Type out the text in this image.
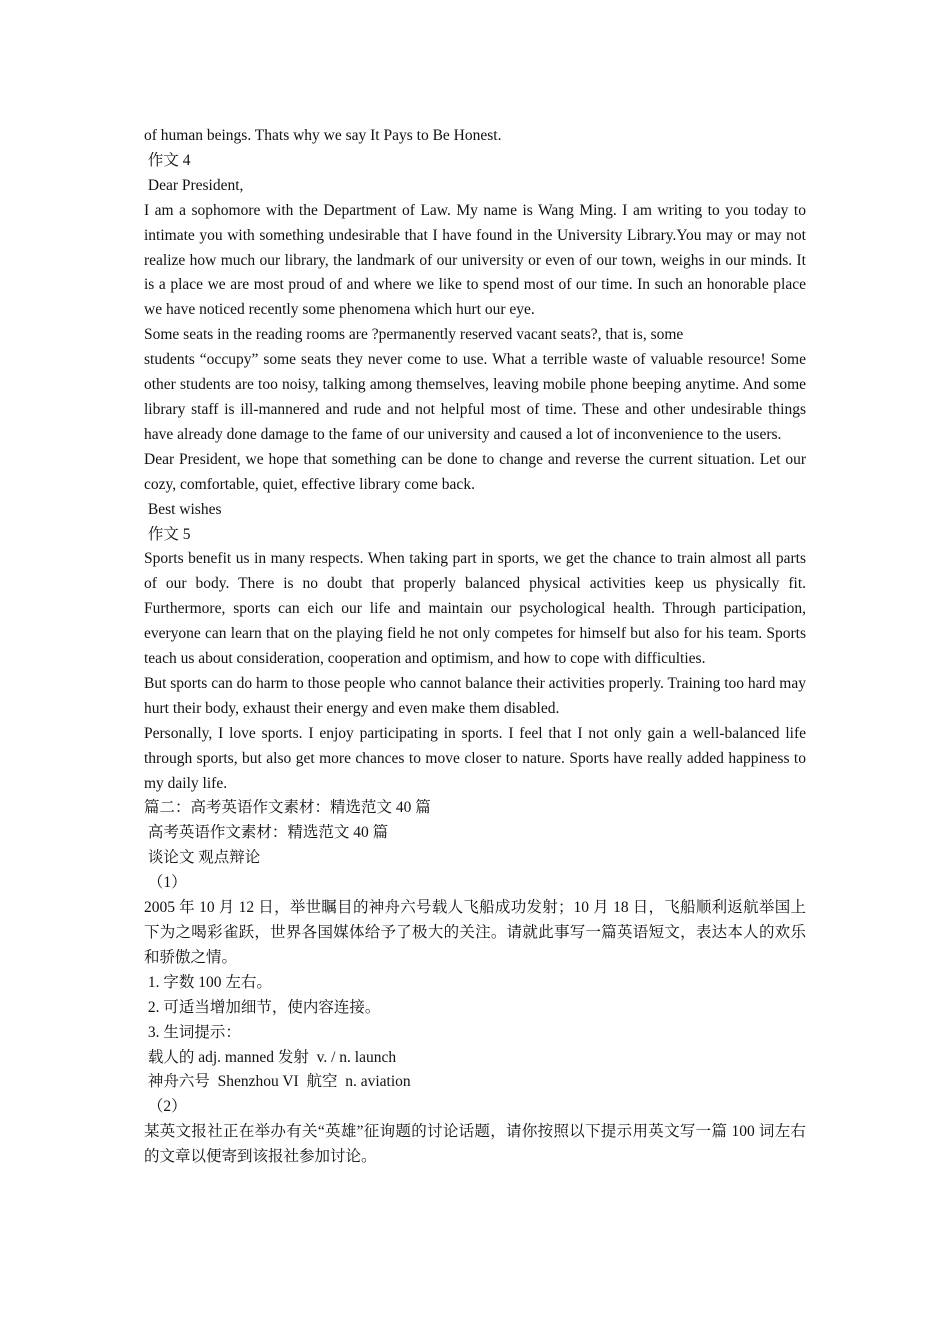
of human beings. Thats why we say It Pays to Be Honest.
作文 4
Dear President,
I am a sophomore with the Department of Law. My name is Wang Ming. I am writing to you today to intimate you with something undesirable that I have found in the University Library.You may or may not realize how much our library, the landmark of our university or even of our town, weighs in our minds. It is a place we are most proud of and where we like to spend most of our time. In such an honorable place we have noticed recently some phenomena which hurt our eye.
Some seats in the reading rooms are ?permanently reserved vacant seats?, that is, some
students “occupy” some seats they never come to use. What a terrible waste of valuable resource! Some other students are too noisy, talking among themselves, leaving mobile phone beeping anytime. And some library staff is ill-mannered and rude and not helpful most of time. These and other undesirable things have already done damage to the fame of our university and caused a lot of inconvenience to the users.
Dear President, we hope that something can be done to change and reverse the current situation. Let our cozy, comfortable, quiet, effective library come back.
Best wishes
作文 5
Sports benefit us in many respects. When taking part in sports, we get the chance to train almost all parts of our body. There is no doubt that properly balanced physical activities keep us physically fit. Furthermore, sports can eich our life and maintain our psychological health. Through participation, everyone can learn that on the playing field he not only competes for himself but also for his team. Sports teach us about consideration, cooperation and optimism, and how to cope with difficulties.
But sports can do harm to those people who cannot balance their activities properly. Training too hard may hurt their body, exhaust their energy and even make them disabled.
Personally, I love sports. I enjoy participating in sports. I feel that I not only gain a well-balanced life through sports, but also get more chances to move closer to nature. Sports have really added happiness to my daily life.
篇二：高考英语作文素材：精选范文 40 篇
高考英语作文素材：精选范文 40 篇
谈论文 观点辩论
（1）
2005 年 10 月 12 日，举世瞩目的神舟六号载人飞船成功发射；10 月 18 日，飞船顺利返航举国上下为之喝彩雀跃，世界各国媒体给予了极大的关注。请就此事写一篇英语短文，表达本人的欢乐和骄傲之情。
1. 字数 100 左右。
2. 可适当增加细节，使内容连接。
3. 生词提示：
载人的 adj. manned 发射  v. / n. launch
神舟六号  Shenzhou VI  航空  n. aviation
（2）
某英文报社正在举办有关“英雄”征询题的讨论话题，请你按照以下提示用英文写一篇 100 词左右的文章以便寄到该报社参加讨论。
